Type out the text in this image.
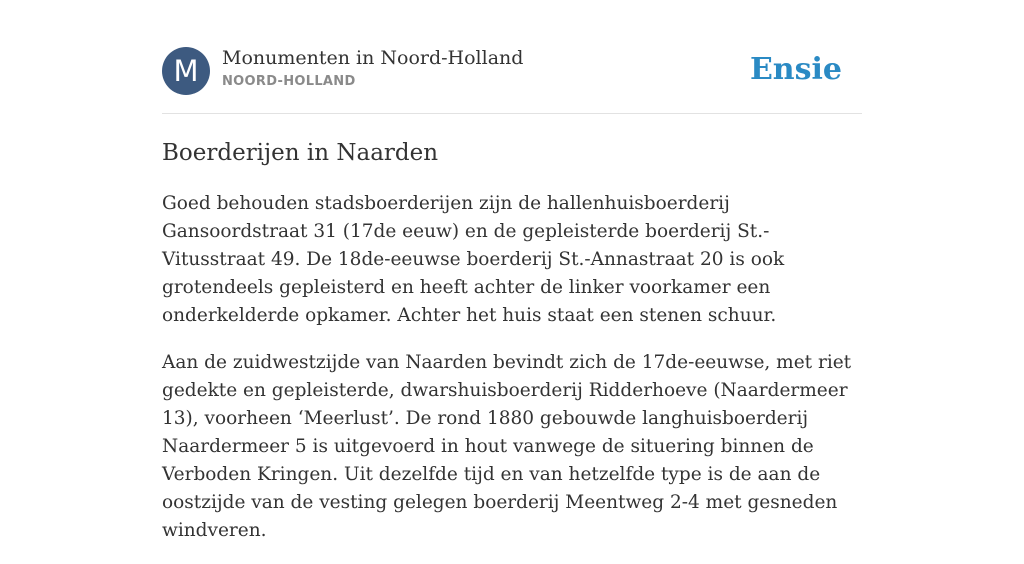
M	Monumenten in Noord-Holland
NOORD-HOLLAND	Ensie
Boerderijen in Naarden

Goed behouden stadsboerderijen zijn de hallenhuisboerderij Gansoordstraat 31 (17de eeuw) en de gepleisterde boerderij St.-Vitusstraat 49. De 18de-eeuwse boerderij St.-Annastraat 20 is ook grotendeels gepleisterd en heeft achter de linker voorkamer een onderkelderde opkamer. Achter het huis staat een stenen schuur.

Aan de zuidwestzijde van Naarden bevindt zich de 17de-eeuwse, met riet gedekte en gepleisterde, dwarshuisboerderij Ridderhoeve (Naardermeer 13), voorheen ‘Meerlust’. De rond 1880 gebouwde langhuisboerderij Naardermeer 5 is uitgevoerd in hout vanwege de situering binnen de Verboden Kringen. Uit dezelfde tijd en van hetzelfde type is de aan de oostzijde van de vesting gelegen boerderij Meentweg 2-4 met gesneden windveren.
